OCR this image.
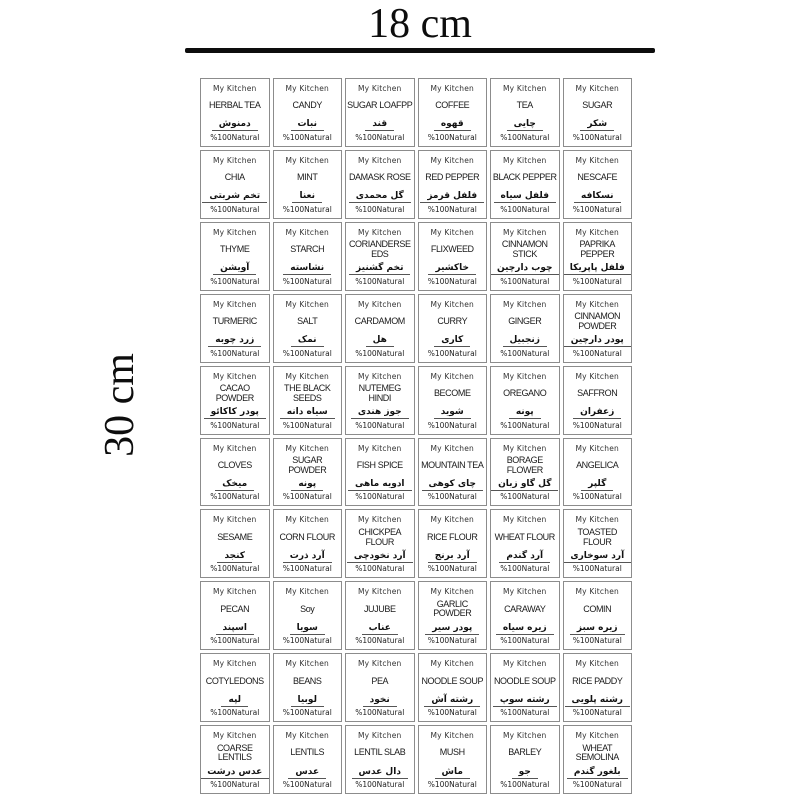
18 cm
30 cm
My Kitchen
HERBAL TEA
دمنوش
%100Natural
My Kitchen
CANDY
نبات
%100Natural
My Kitchen
SUGAR LOAFPP
قند
%100Natural
My Kitchen
COFFEE
قهوه
%100Natural
My Kitchen
TEA
چایی
%100Natural
My Kitchen
SUGAR
شکر
%100Natural
My Kitchen
CHIA
تخم شربتی
%100Natural
My Kitchen
MINT
نعنا
%100Natural
My Kitchen
DAMASK ROSE
گل محمدی
%100Natural
My Kitchen
RED PEPPER
فلفل قرمز
%100Natural
My Kitchen
BLACK PEPPER
فلفل سیاه
%100Natural
My Kitchen
NESCAFE
نسکافه
%100Natural
My Kitchen
THYME
آویشن
%100Natural
My Kitchen
STARCH
نشاسته
%100Natural
My Kitchen
CORIANDERSEEDS
تخم گشنیز
%100Natural
My Kitchen
FLIXWEED
خاکشیر
%100Natural
My Kitchen
CINNAMON STICK
چوب دارچین
%100Natural
My Kitchen
PAPRIKA PEPPER
فلفل پاپریکا
%100Natural
My Kitchen
TURMERIC
زرد چوبه
%100Natural
My Kitchen
SALT
نمک
%100Natural
My Kitchen
CARDAMOM
هل
%100Natural
My Kitchen
CURRY
کاری
%100Natural
My Kitchen
GINGER
زنجبیل
%100Natural
My Kitchen
CINNAMON POWDER
پودر دارچین
%100Natural
My Kitchen
CACAO POWDER
پودر کاکائو
%100Natural
My Kitchen
THE BLACK SEEDS
سیاه دانه
%100Natural
My Kitchen
NUTEMEG HINDI
جوز هندی
%100Natural
My Kitchen
BECOME
شوید
%100Natural
My Kitchen
OREGANO
پونه
%100Natural
My Kitchen
SAFFRON
زعفران
%100Natural
My Kitchen
CLOVES
میخک
%100Natural
My Kitchen
SUGAR POWDER
پونه
%100Natural
My Kitchen
FISH SPICE
ادویه ماهی
%100Natural
My Kitchen
MOUNTAIN TEA
چای کوهی
%100Natural
My Kitchen
BORAGE FLOWER
گل گاو زبان
%100Natural
My Kitchen
ANGELICA
گلپر
%100Natural
My Kitchen
SESAME
کنجد
%100Natural
My Kitchen
CORN FLOUR
آرد ذرت
%100Natural
My Kitchen
CHICKPEA FLOUR
آرد نخودچی
%100Natural
My Kitchen
RICE FLOUR
آرد برنج
%100Natural
My Kitchen
WHEAT FLOUR
آرد گندم
%100Natural
My Kitchen
TOASTED FLOUR
آرد سوخاری
%100Natural
My Kitchen
PECAN
اسپند
%100Natural
My Kitchen
Soy
سویا
%100Natural
My Kitchen
JUJUBE
عناب
%100Natural
My Kitchen
GARLIC POWDER
پودر سیر
%100Natural
My Kitchen
CARAWAY
زیره سیاه
%100Natural
My Kitchen
COMIN
زیره سبز
%100Natural
My Kitchen
COTYLEDONS
لپه
%100Natural
My Kitchen
BEANS
لوبیا
%100Natural
My Kitchen
PEA
نخود
%100Natural
My Kitchen
NOODLE SOUP
رشته آش
%100Natural
My Kitchen
NOODLE SOUP
رشته سوپ
%100Natural
My Kitchen
RICE PADDY
رشته پلویی
%100Natural
My Kitchen
COARSE LENTILS
عدس درشت
%100Natural
My Kitchen
LENTILS
عدس
%100Natural
My Kitchen
LENTIL SLAB
دال عدس
%100Natural
My Kitchen
MUSH
ماش
%100Natural
My Kitchen
BARLEY
جو
%100Natural
My Kitchen
WHEAT SEMOLINA
بلغور گندم
%100Natural
